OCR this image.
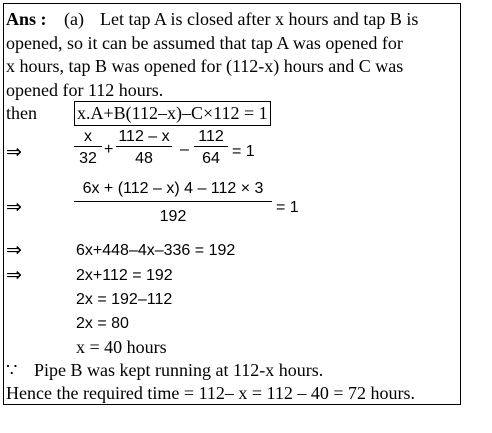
Ans : (a) Let tap A is closed after x hours and tap B is
opened, so it can be assumed that tap A was opened for
x hours, tap B was opened for (112-x) hours and C was
opened for 112 hours.
then x.A+B(112–x)–C×112 = 1
⇒
x
32
+
112 – x
48
–
112
64 = 1
⇒
6x + (112 – x) 4 – 112 × 3
192
= 1
⇒	6x+448–4x–336 = 192
⇒	2x+112 = 192
2x = 192–112
2x = 80
x = 40 hours
∵ Pipe B was kept running at 112-x hours.
Hence the required time = 112– x = 112 – 40 = 72 hours.
